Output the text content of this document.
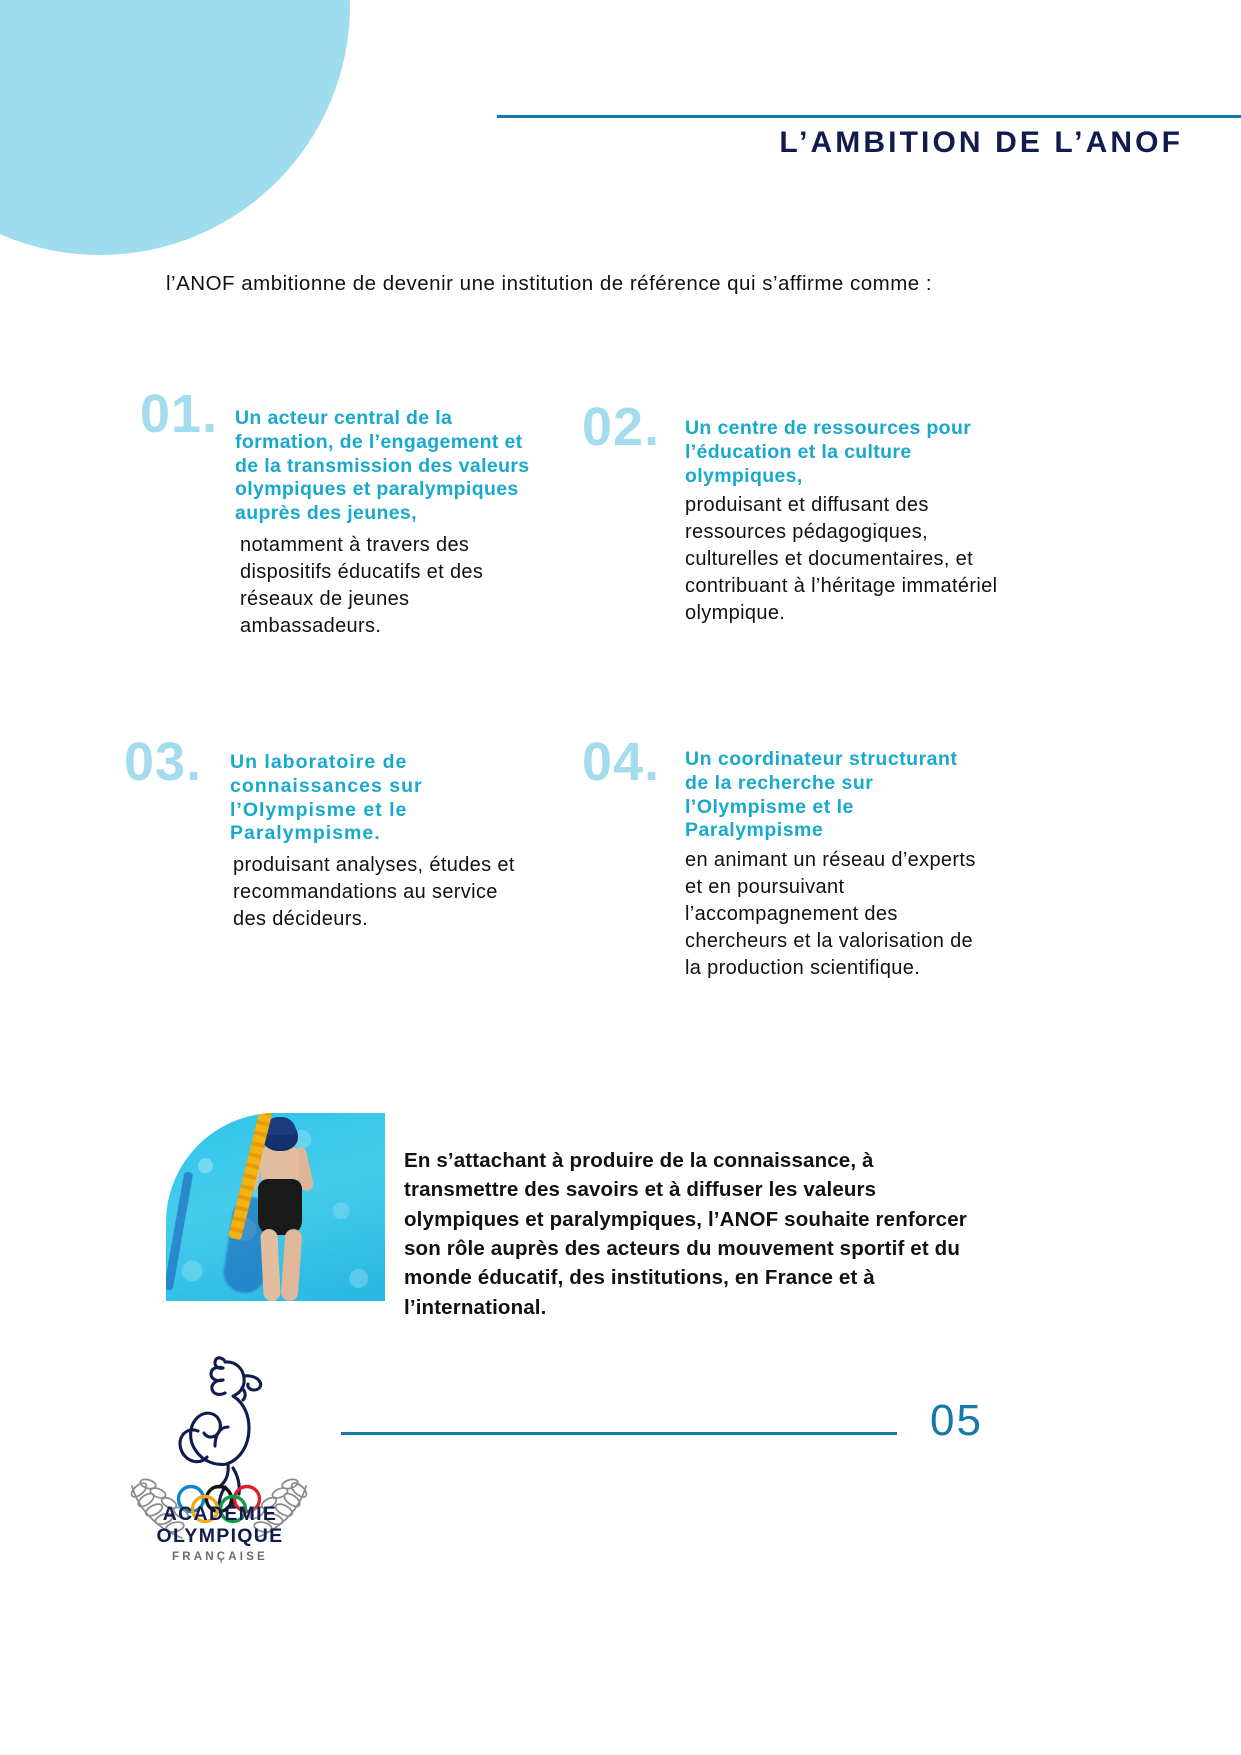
L’AMBITION DE L’ANOF
l’ANOF ambitionne de devenir une institution de référence qui s’affirme comme :
01. Un acteur central de la formation, de l’engagement et de la transmission des valeurs olympiques et paralympiques auprès des jeunes,

notamment à travers des dispositifs éducatifs et des réseaux de jeunes ambassadeurs.

02. Un centre de ressources pour l’éducation et la culture olympiques,

produisant et diffusant des ressources pédagogiques, culturelles et documentaires, et contribuant à l’héritage immatériel olympique.

03. Un laboratoire de connaissances sur l’Olympisme et le Paralympisme.

produisant analyses, études et recommandations au service des décideurs.

04. Un coordinateur structurant de la recherche sur l’Olympisme et le Paralympisme

en animant un réseau d’experts et en poursuivant l’accompagnement des chercheurs et la valorisation de la production scientifique.

En s’attachant à produire de la connaissance, à transmettre des savoirs et à diffuser les valeurs olympiques et paralympiques, l’ANOF souhaite renforcer son rôle auprès des acteurs du mouvement sportif et du monde éducatif, des institutions, en France et à l’international.
05
ACADÉMIE
OLYMPIQUE
FRANÇAISE
